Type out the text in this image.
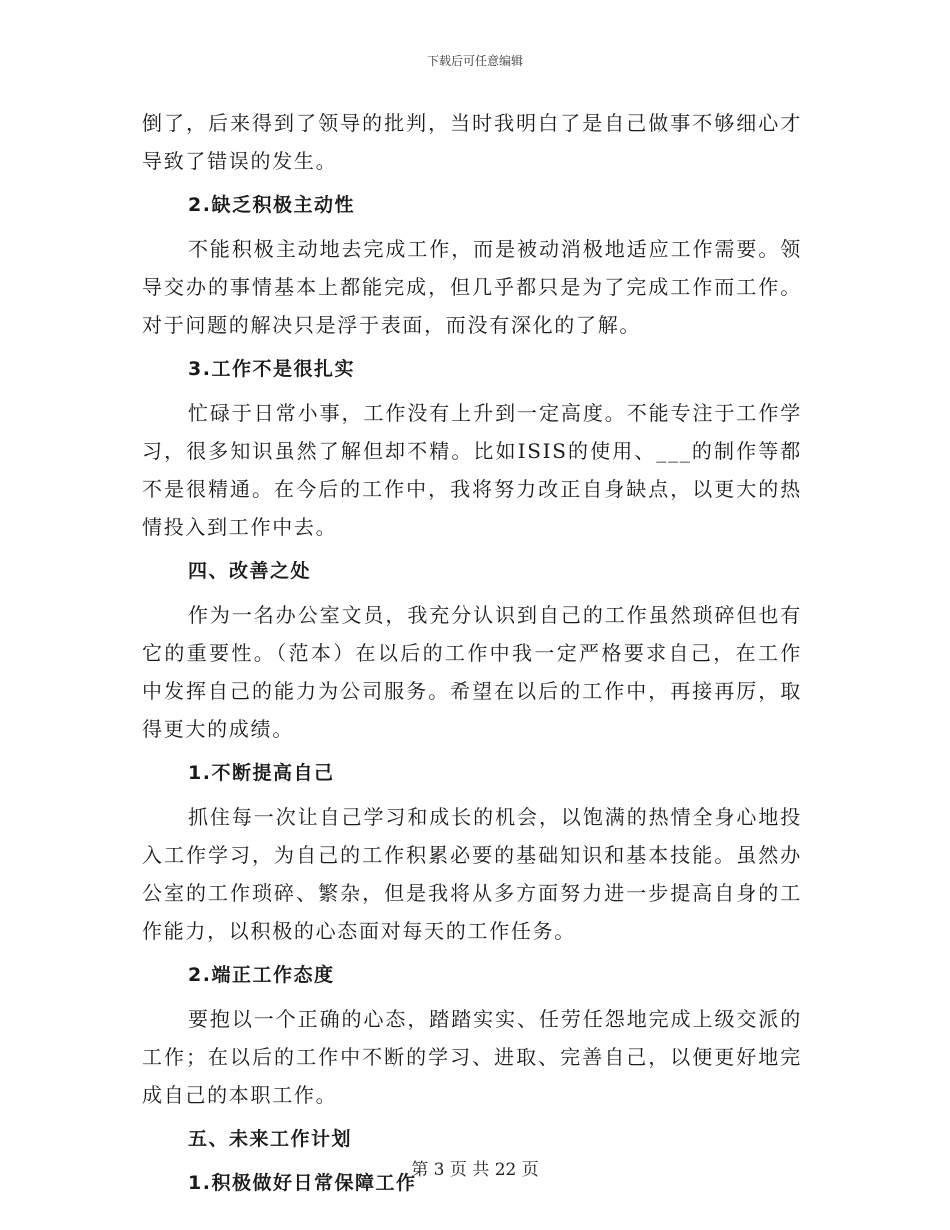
下载后可任意编辑

倒了，后来得到了领导的批判，当时我明白了是自己做事不够细心才导致了错误的发生。

2.缺乏积极主动性

不能积极主动地去完成工作，而是被动消极地适应工作需要。领导交办的事情基本上都能完成，但几乎都只是为了完成工作而工作。对于问题的解决只是浮于表面，而没有深化的了解。

3.工作不是很扎实

忙碌于日常小事，工作没有上升到一定高度。不能专注于工作学习，很多知识虽然了解但却不精。比如ISIS的使用、___的制作等都不是很精通。在今后的工作中，我将努力改正自身缺点，以更大的热情投入到工作中去。

四、改善之处

作为一名办公室文员，我充分认识到自己的工作虽然琐碎但也有它的重要性。（范本）在以后的工作中我一定严格要求自己，在工作中发挥自己的能力为公司服务。希望在以后的工作中，再接再厉，取得更大的成绩。

1.不断提高自己

抓住每一次让自己学习和成长的机会，以饱满的热情全身心地投入工作学习，为自己的工作积累必要的基础知识和基本技能。虽然办公室的工作琐碎、繁杂，但是我将从多方面努力进一步提高自身的工作能力，以积极的心态面对每天的工作任务。

2.端正工作态度

要抱以一个正确的心态，踏踏实实、任劳任怨地完成上级交派的工作；在以后的工作中不断的学习、进取、完善自己，以便更好地完成自己的本职工作。

五、未来工作计划
1.积极做好日常保障工作
第 3 页 共 22 页
